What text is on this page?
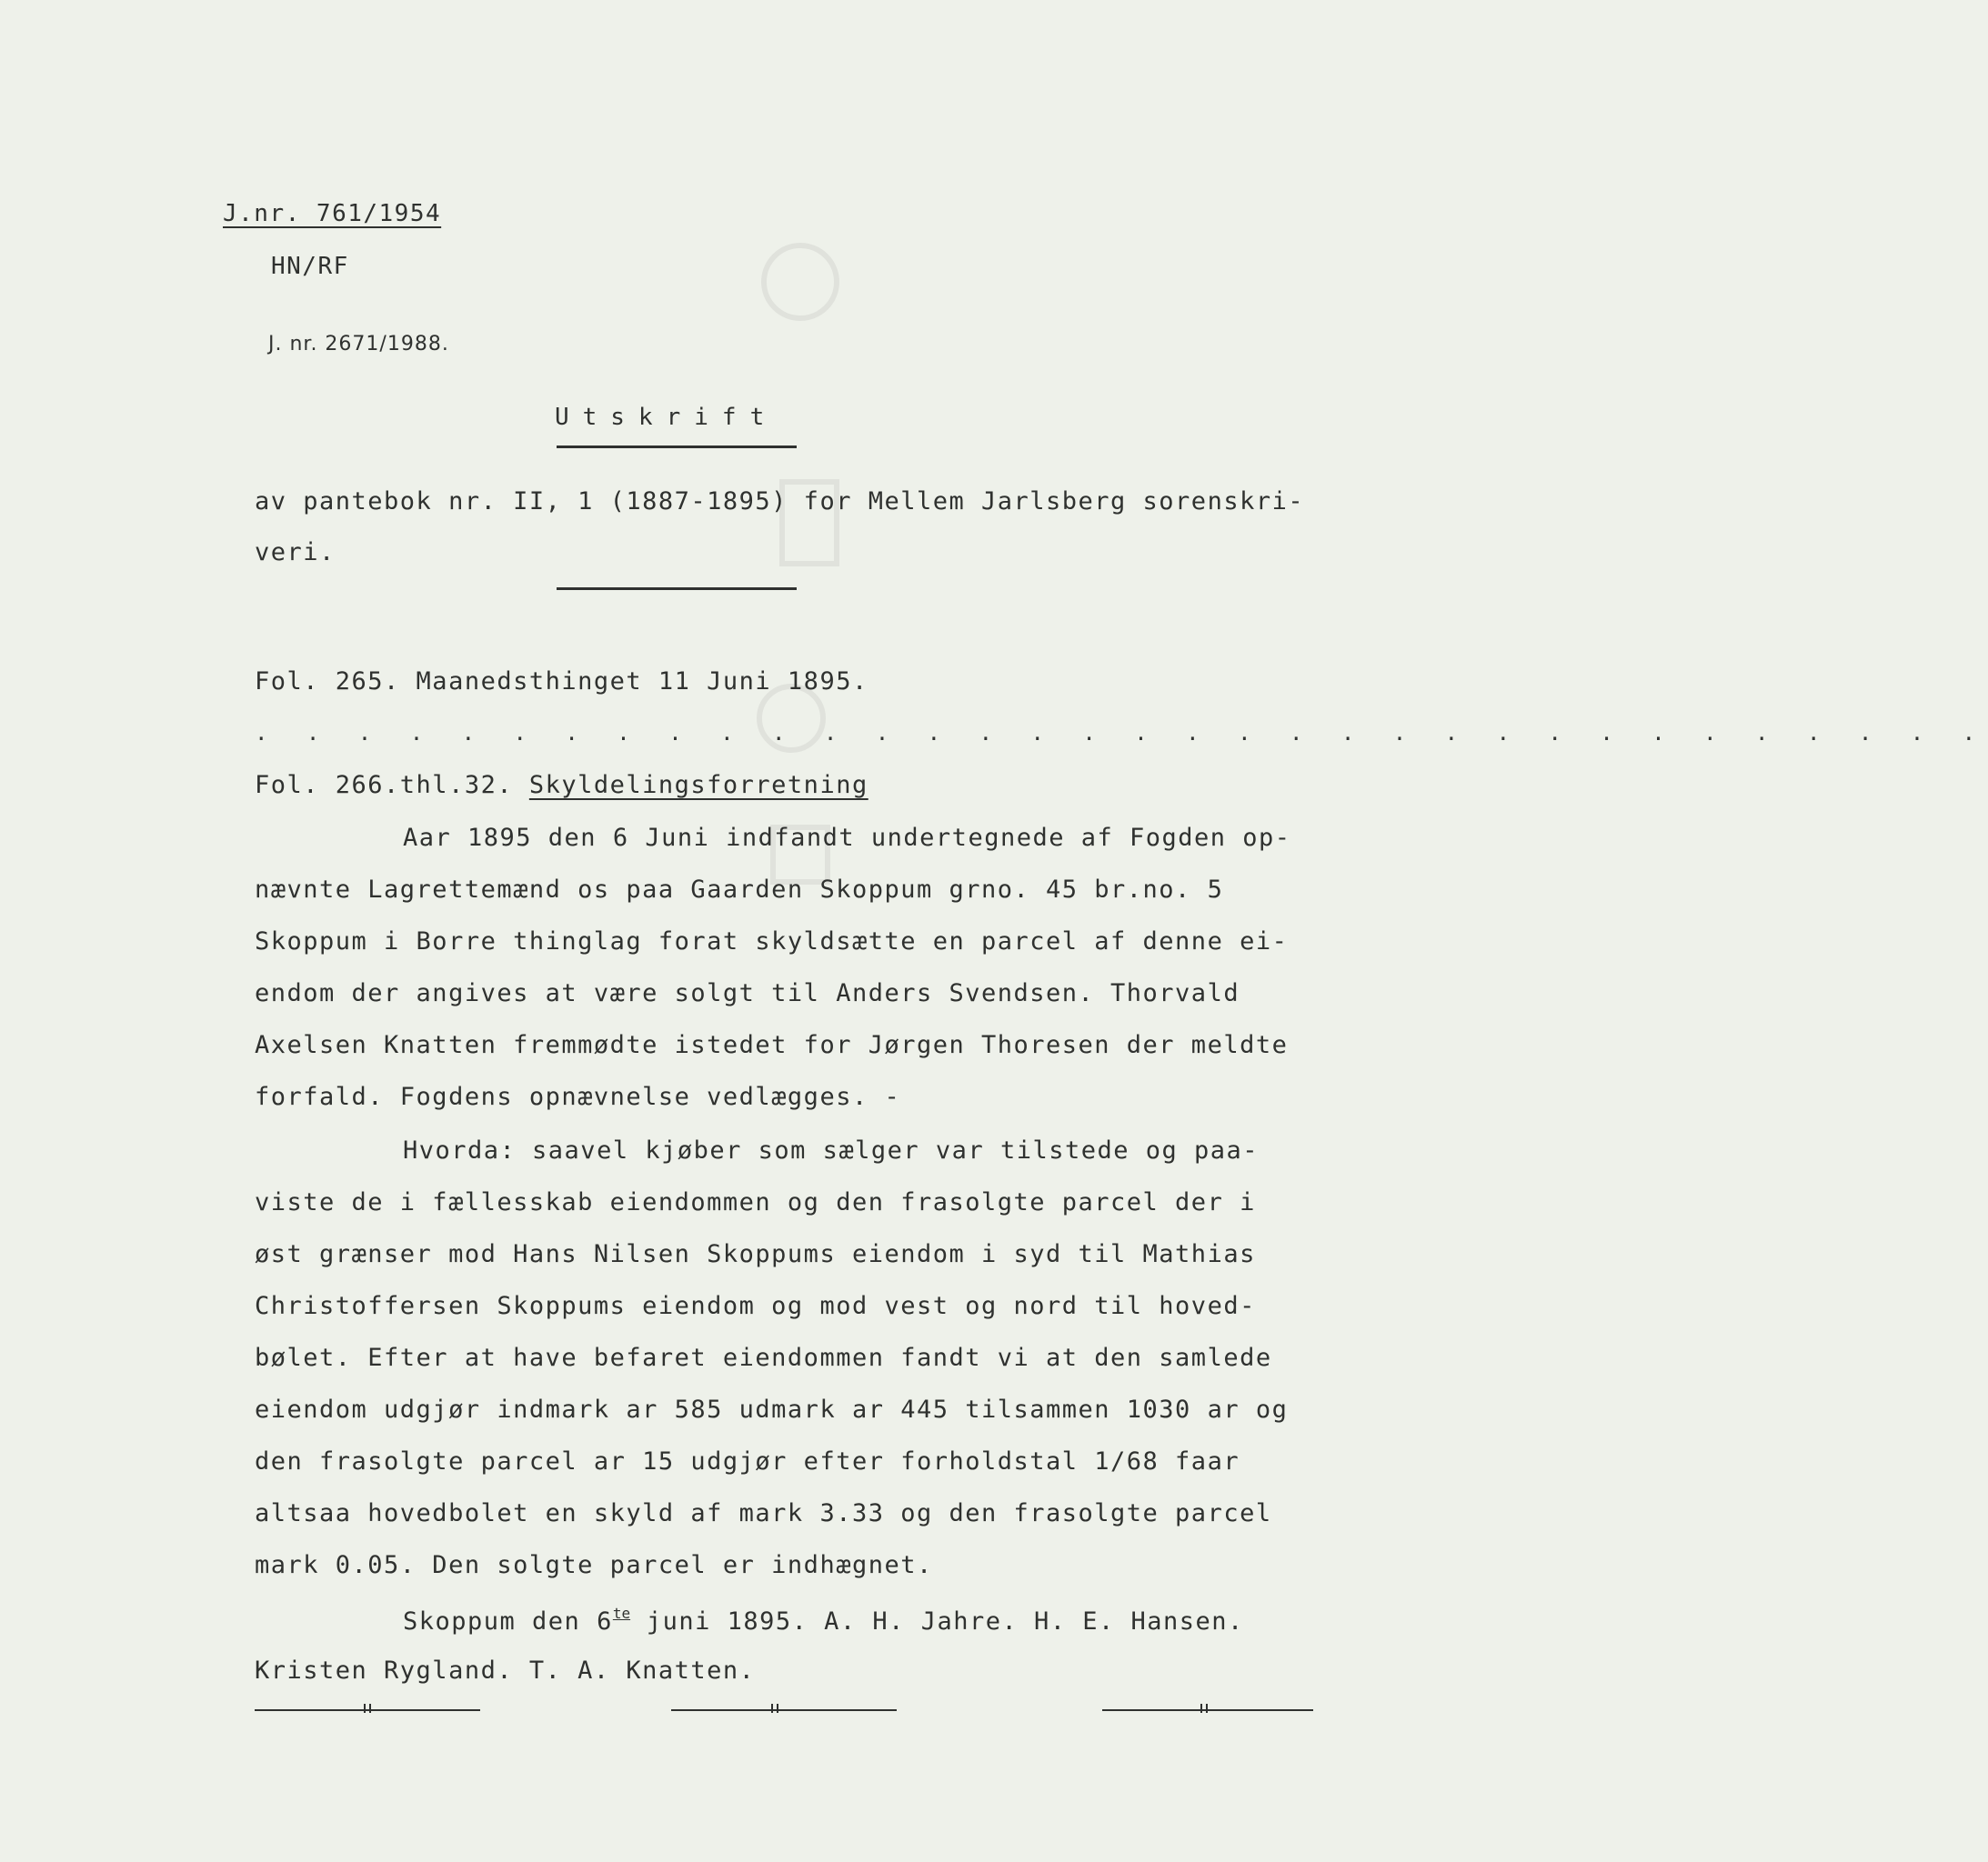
J.nr. 761/1954
HN/RF
J. nr. 2671/1988.
Utskrift
av pantebok nr. II, 1 (1887-1895) for Mellem Jarlsberg sorenskri-
veri.
Fol. 265. Maanedsthinget 11 Juni 1895.
. . . . . . . . . . . . . . . . . . . . . . . . . . . . . . . . . .
Fol. 266.thl.32. Skyldelingsforretning
Aar 1895 den 6 Juni indfandt undertegnede af Fogden op-
nævnte Lagrettemænd os paa Gaarden Skoppum grno. 45 br.no. 5
Skoppum i Borre thinglag forat skyldsætte en parcel af denne ei-
endom der angives at være solgt til Anders Svendsen. Thorvald
Axelsen Knatten fremmødte istedet for Jørgen Thoresen der meldte
forfald. Fogdens opnævnelse vedlægges. -
Hvorda: saavel kjøber som sælger var tilstede og paa-
viste de i fællesskab eiendommen og den frasolgte parcel der i
øst grænser mod Hans Nilsen Skoppums eiendom i syd til Mathias
Christoffersen Skoppums eiendom og mod vest og nord til hoved-
bølet. Efter at have befaret eiendommen fandt vi at den samlede
eiendom udgjør indmark ar 585 udmark ar 445 tilsammen 1030 ar og
den frasolgte parcel ar 15 udgjør efter forholdstal 1/68 faar
altsaa hovedbolet en skyld af mark 3.33 og den frasolgte parcel
mark 0.05. Den solgte parcel er indhægnet.
Skoppum den $6^{te}$ juni 1895. A. H. Jahre. H. E. Hansen.
Kristen Rygland. T. A. Knatten.
